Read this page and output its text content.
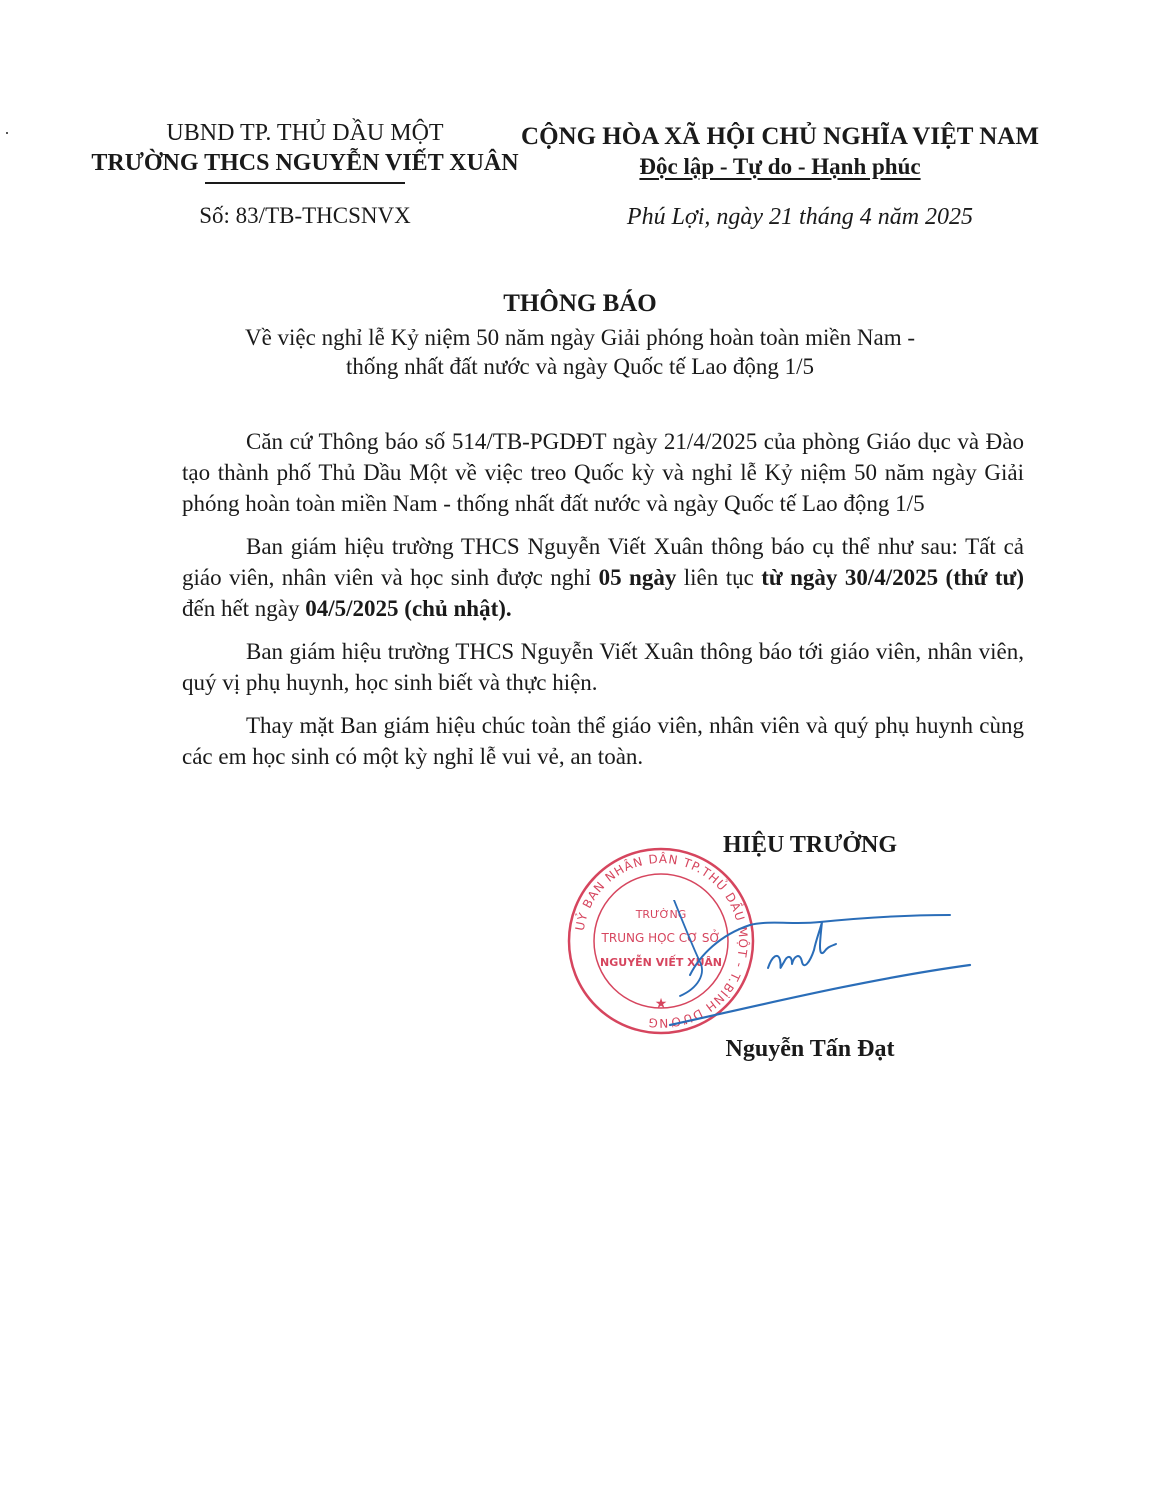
UBND TP. THỦ DẦU MỘT
TRƯỜNG THCS NGUYỄN VIẾT XUÂN
CỘNG HÒA XÃ HỘI CHỦ NGHĨA VIỆT NAM
Độc lập - Tự do - Hạnh phúc
Số: 83/TB-THCSNVX	Phú Lợi, ngày 21 tháng 4 năm 2025
THÔNG BÁO
Về việc nghỉ lễ Kỷ niệm 50 năm ngày Giải phóng hoàn toàn miền Nam -
thống nhất đất nước và ngày Quốc tế Lao động 1/5

Căn cứ Thông báo số 514/TB-PGDĐT ngày 21/4/2025 của phòng Giáo dục và Đào tạo thành phố Thủ Dầu Một về việc treo Quốc kỳ và nghỉ lễ Kỷ niệm 50 năm ngày Giải phóng hoàn toàn miền Nam - thống nhất đất nước và ngày Quốc tế Lao động 1/5

Ban giám hiệu trường THCS Nguyễn Viết Xuân thông báo cụ thể như sau: Tất cả giáo viên, nhân viên và học sinh được nghỉ 05 ngày liên tục từ ngày 30/4/2025 (thứ tư) đến hết ngày 04/5/2025 (chủ nhật).

Ban giám hiệu trường THCS Nguyễn Viết Xuân thông báo tới giáo viên, nhân viên, quý vị phụ huynh, học sinh biết và thực hiện.

Thay mặt Ban giám hiệu chúc toàn thể giáo viên, nhân viên và quý phụ huynh cùng các em học sinh có một kỳ nghỉ lễ vui vẻ, an toàn.

HIỆU TRƯỞNG
UỶ BAN NHÂN DÂN TP.THỦ DẦU MỘT - T.BÌNH DƯƠNG
TRƯỜNG
TRUNG HỌC CƠ SỞ
NGUYỄN VIẾT XUÂN
★
Nguyễn Tấn Đạt
